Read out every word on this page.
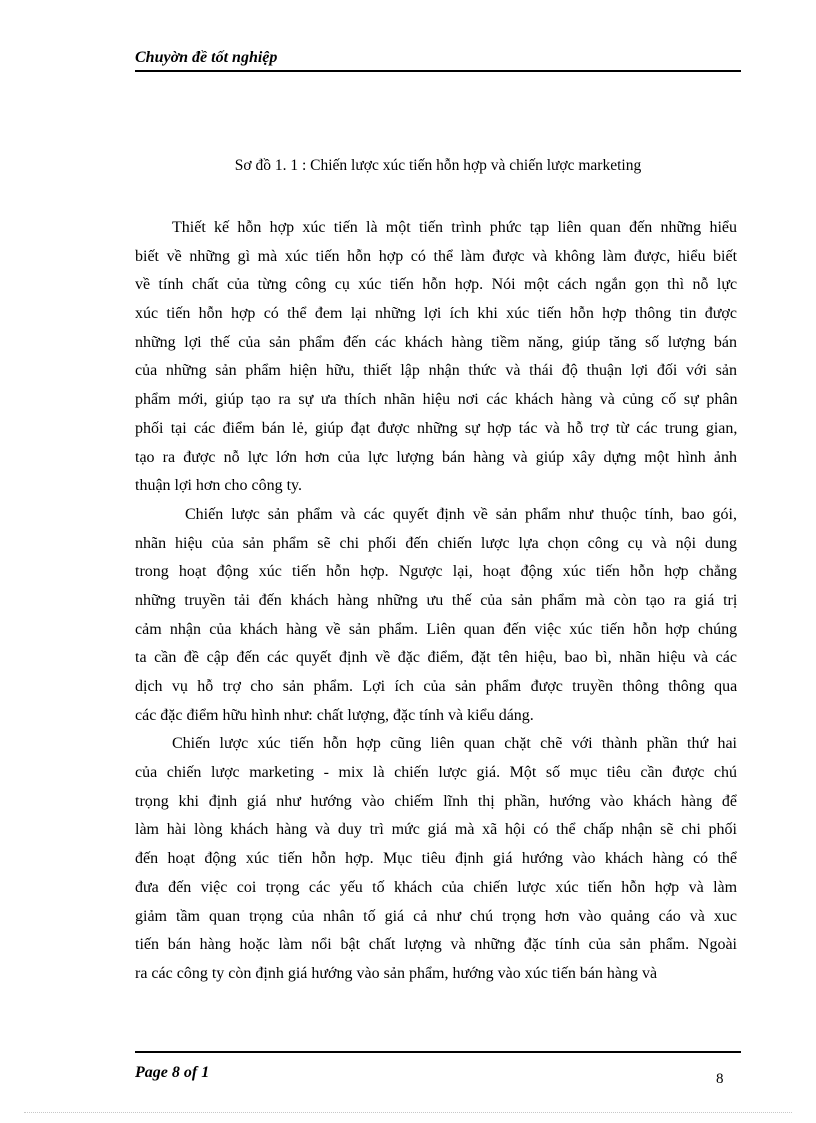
Chuyờn đề tốt nghiệp
Sơ đồ 1. 1 : Chiến lược xúc tiến hỗn hợp và chiến lược marketing
Thiết kế hỗn hợp xúc tiến là một tiến trình phức tạp liên quan đến những hiểu
biết về những gì mà xúc tiến hỗn hợp có thể làm được và không làm được, hiểu biết
về tính chất của từng công cụ xúc tiến hỗn hợp. Nói một cách ngắn gọn thì nỗ lực
xúc tiến hỗn hợp có thể đem lại những lợi ích khi xúc tiến hỗn hợp thông tin được
những lợi thế của sản phẩm đến các khách hàng tiềm năng, giúp tăng số lượng bán
của những sản phẩm hiện hữu, thiết lập nhận thức và thái độ thuận lợi đối với sản
phẩm mới, giúp tạo ra sự ưa thích nhãn hiệu nơi các khách hàng và củng cố sự phân
phối tại các điểm bán lẻ, giúp đạt được những sự hợp tác và hỗ trợ từ các trung gian,
tạo ra được nỗ lực lớn hơn của lực lượng bán hàng và giúp xây dựng một hình ảnh
thuận lợi hơn cho công ty.
Chiến lược sản phẩm và các quyết định về sản phẩm như thuộc tính, bao gói,
nhãn hiệu của sản phẩm sẽ chi phối đến chiến lược lựa chọn công cụ và nội dung
trong hoạt động xúc tiến hỗn hợp. Ngược lại, hoạt động xúc tiến hỗn hợp chẳng
những truyền tải đến khách hàng những ưu thế của sản phẩm mà còn tạo ra giá trị
cảm nhận của khách hàng về sản phẩm. Liên quan đến việc xúc tiến hỗn hợp chúng
ta cần đề cập đến các quyết định về đặc điểm, đặt tên hiệu, bao bì, nhãn hiệu và các
dịch vụ hỗ trợ cho sản phẩm. Lợi ích của sản phẩm được truyền thông thông qua
các đặc điểm hữu hình như: chất lượng, đặc tính và kiểu dáng.
Chiến lược xúc tiến hỗn hợp cũng liên quan chặt chẽ với thành phần thứ hai
của chiến lược marketing - mix là chiến lược giá. Một số mục tiêu cần được chú
trọng khi định giá như hướng vào chiếm lĩnh thị phần, hướng vào khách hàng để
làm hài lòng khách hàng và duy trì mức giá mà xã hội có thể chấp nhận sẽ chi phối
đến hoạt động xúc tiến hỗn hợp. Mục tiêu định giá hướng vào khách hàng có thể
đưa đến việc coi trọng các yếu tố khách của chiến lược xúc tiến hỗn hợp và làm
giảm tầm quan trọng của nhân tố giá cả như chú trọng hơn vào quảng cáo và xuc
tiến bán hàng hoặc làm nổi bật chất lượng và những đặc tính của sản phẩm. Ngoài
ra các công ty còn định giá hướng vào sản phẩm, hướng vào xúc tiến bán hàng và
Page 8 of 1	8
